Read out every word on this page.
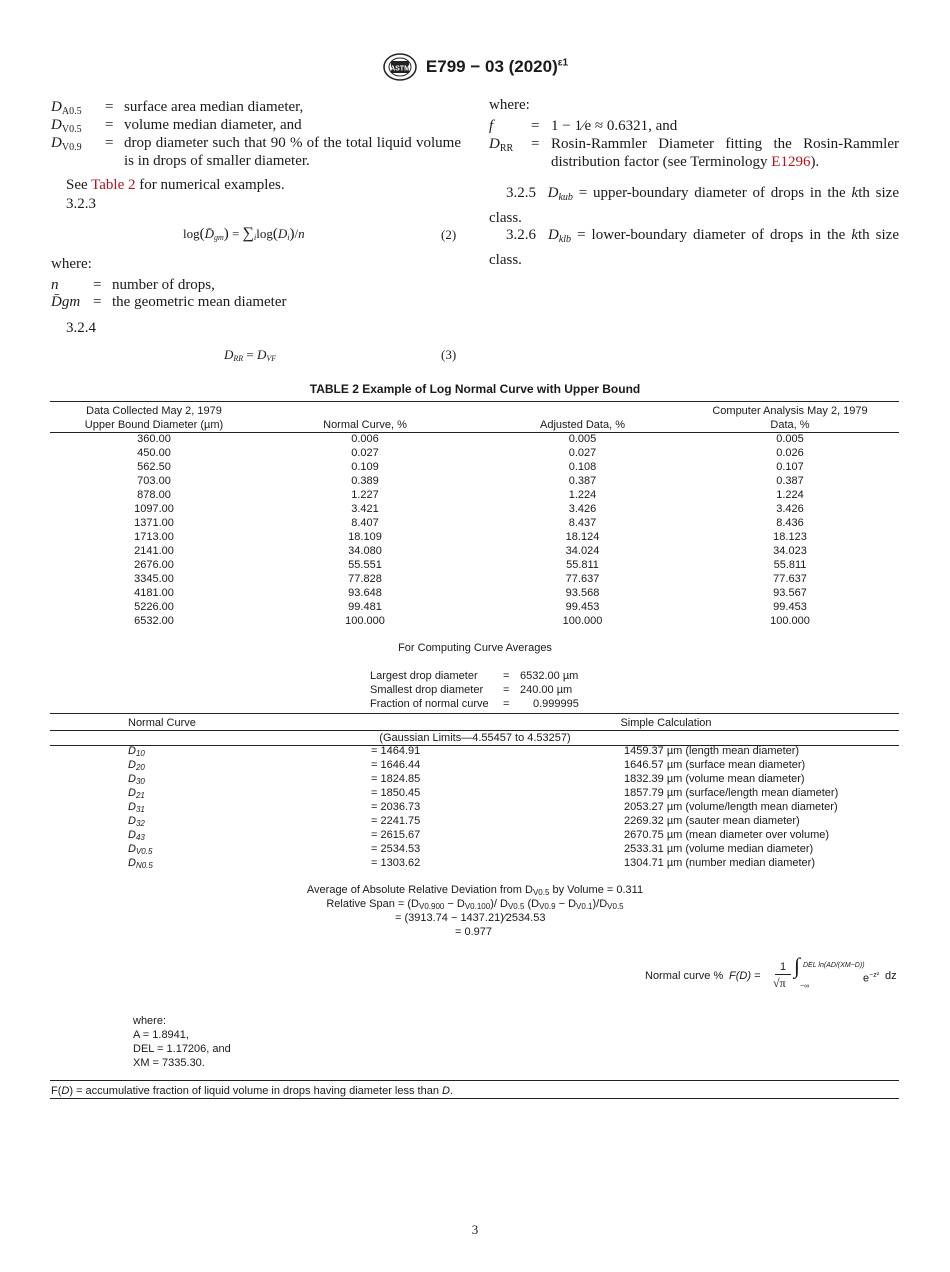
ASTM E799 − 03 $(2020)^{\varepsilon 1}$
$D_{A0.5}$ = surface area median diameter,
$D_{V0.5}$ = volume median diameter, and
$D_{V0.9}$ = drop diameter such that 90 % of the total liquid volume is in drops of smaller diameter.
See Table 2 for numerical examples.
3.2.3
log(D̄gm) = ∑ilog(Di)/n	(2)
where:
n = number of drops,
D̄gm = the geometric mean diameter
3.2.4
DRR = DVF	(3)
where:
f	= 1 − 1⁄e ≈ 0.6321, and
$D_{RR}$ = Rosin-Rammler Diameter fitting the Rosin-Rammler distribution factor (see Terminology E1296).
3.2.5 $D_{kub}$ = upper-boundary diameter of drops in the kth size class.
3.2.6 $D_{klb}$ = lower-boundary diameter of drops in the kth size class.
TABLE 2 Example of Log Normal Curve with Upper Bound
Data Collected May 2, 1979	Computer Analysis May 2, 1979
Upper Bound Diameter (µm)	Normal Curve, %	Adjusted Data, %	Data, %
360.00	0.006	0.005	0.005
450.00	0.027	0.027	0.026
562.50	0.109	0.108	0.107
703.00	0.389	0.387	0.387
878.00	1.227	1.224	1.224
1097.00	3.421	3.426	3.426
1371.00	8.407	8.437	8.436
1713.00	18.109	18.124	18.123
2141.00	34.080	34.024	34.023
2676.00	55.551	55.811	55.811
3345.00	77.828	77.637	77.637
4181.00	93.648	93.568	93.567
5226.00	99.481	99.453	99.453
6532.00	100.000	100.000	100.000
For Computing Curve Averages
Largest drop diameter = 6532.00 µm
Smallest drop diameter = 240.00 µm
Fraction of normal curve = 0.999995
Normal Curve	Simple Calculation
(Gaussian Limits—4.55457 to 4.53257)
D10	= 1464.91	1459.37 µm (length mean diameter)
D20	= 1646.44	1646.57 µm (surface mean diameter)
D30	= 1824.85	1832.39 µm (volume mean diameter)
D21	= 1850.45	1857.79 µm (surface/length mean diameter)
D31	= 2036.73	2053.27 µm (volume/length mean diameter)
D32	= 2241.75	2269.32 µm (sauter mean diameter)
D43	= 2615.67	2670.75 µm (mean diameter over volume)
DV0.5	= 2534.53	2533.31 µm (volume median diameter)
DN0.5	= 1303.62	1304.71 µm (number median diameter)
Average of Absolute Relative Deviation from DV0.5 by Volume = 0.311
Relative Span = (DV0.900 − DV0.100)/ DV0.5 (DV0.9 − DV0.1)/DV0.5
= (3913.74 − 1437.21)⁄2534.53
= 0.977
Normal curve % F(D) =
1
√π
∫ DEL ln(AD/(XM−D))
−∞
$e^{-z^2}$ dz
where:
A = 1.8941,
DEL = 1.17206, and
XM = 7335.30.
F(D) = accumulative fraction of liquid volume in drops having diameter less than D.
3
